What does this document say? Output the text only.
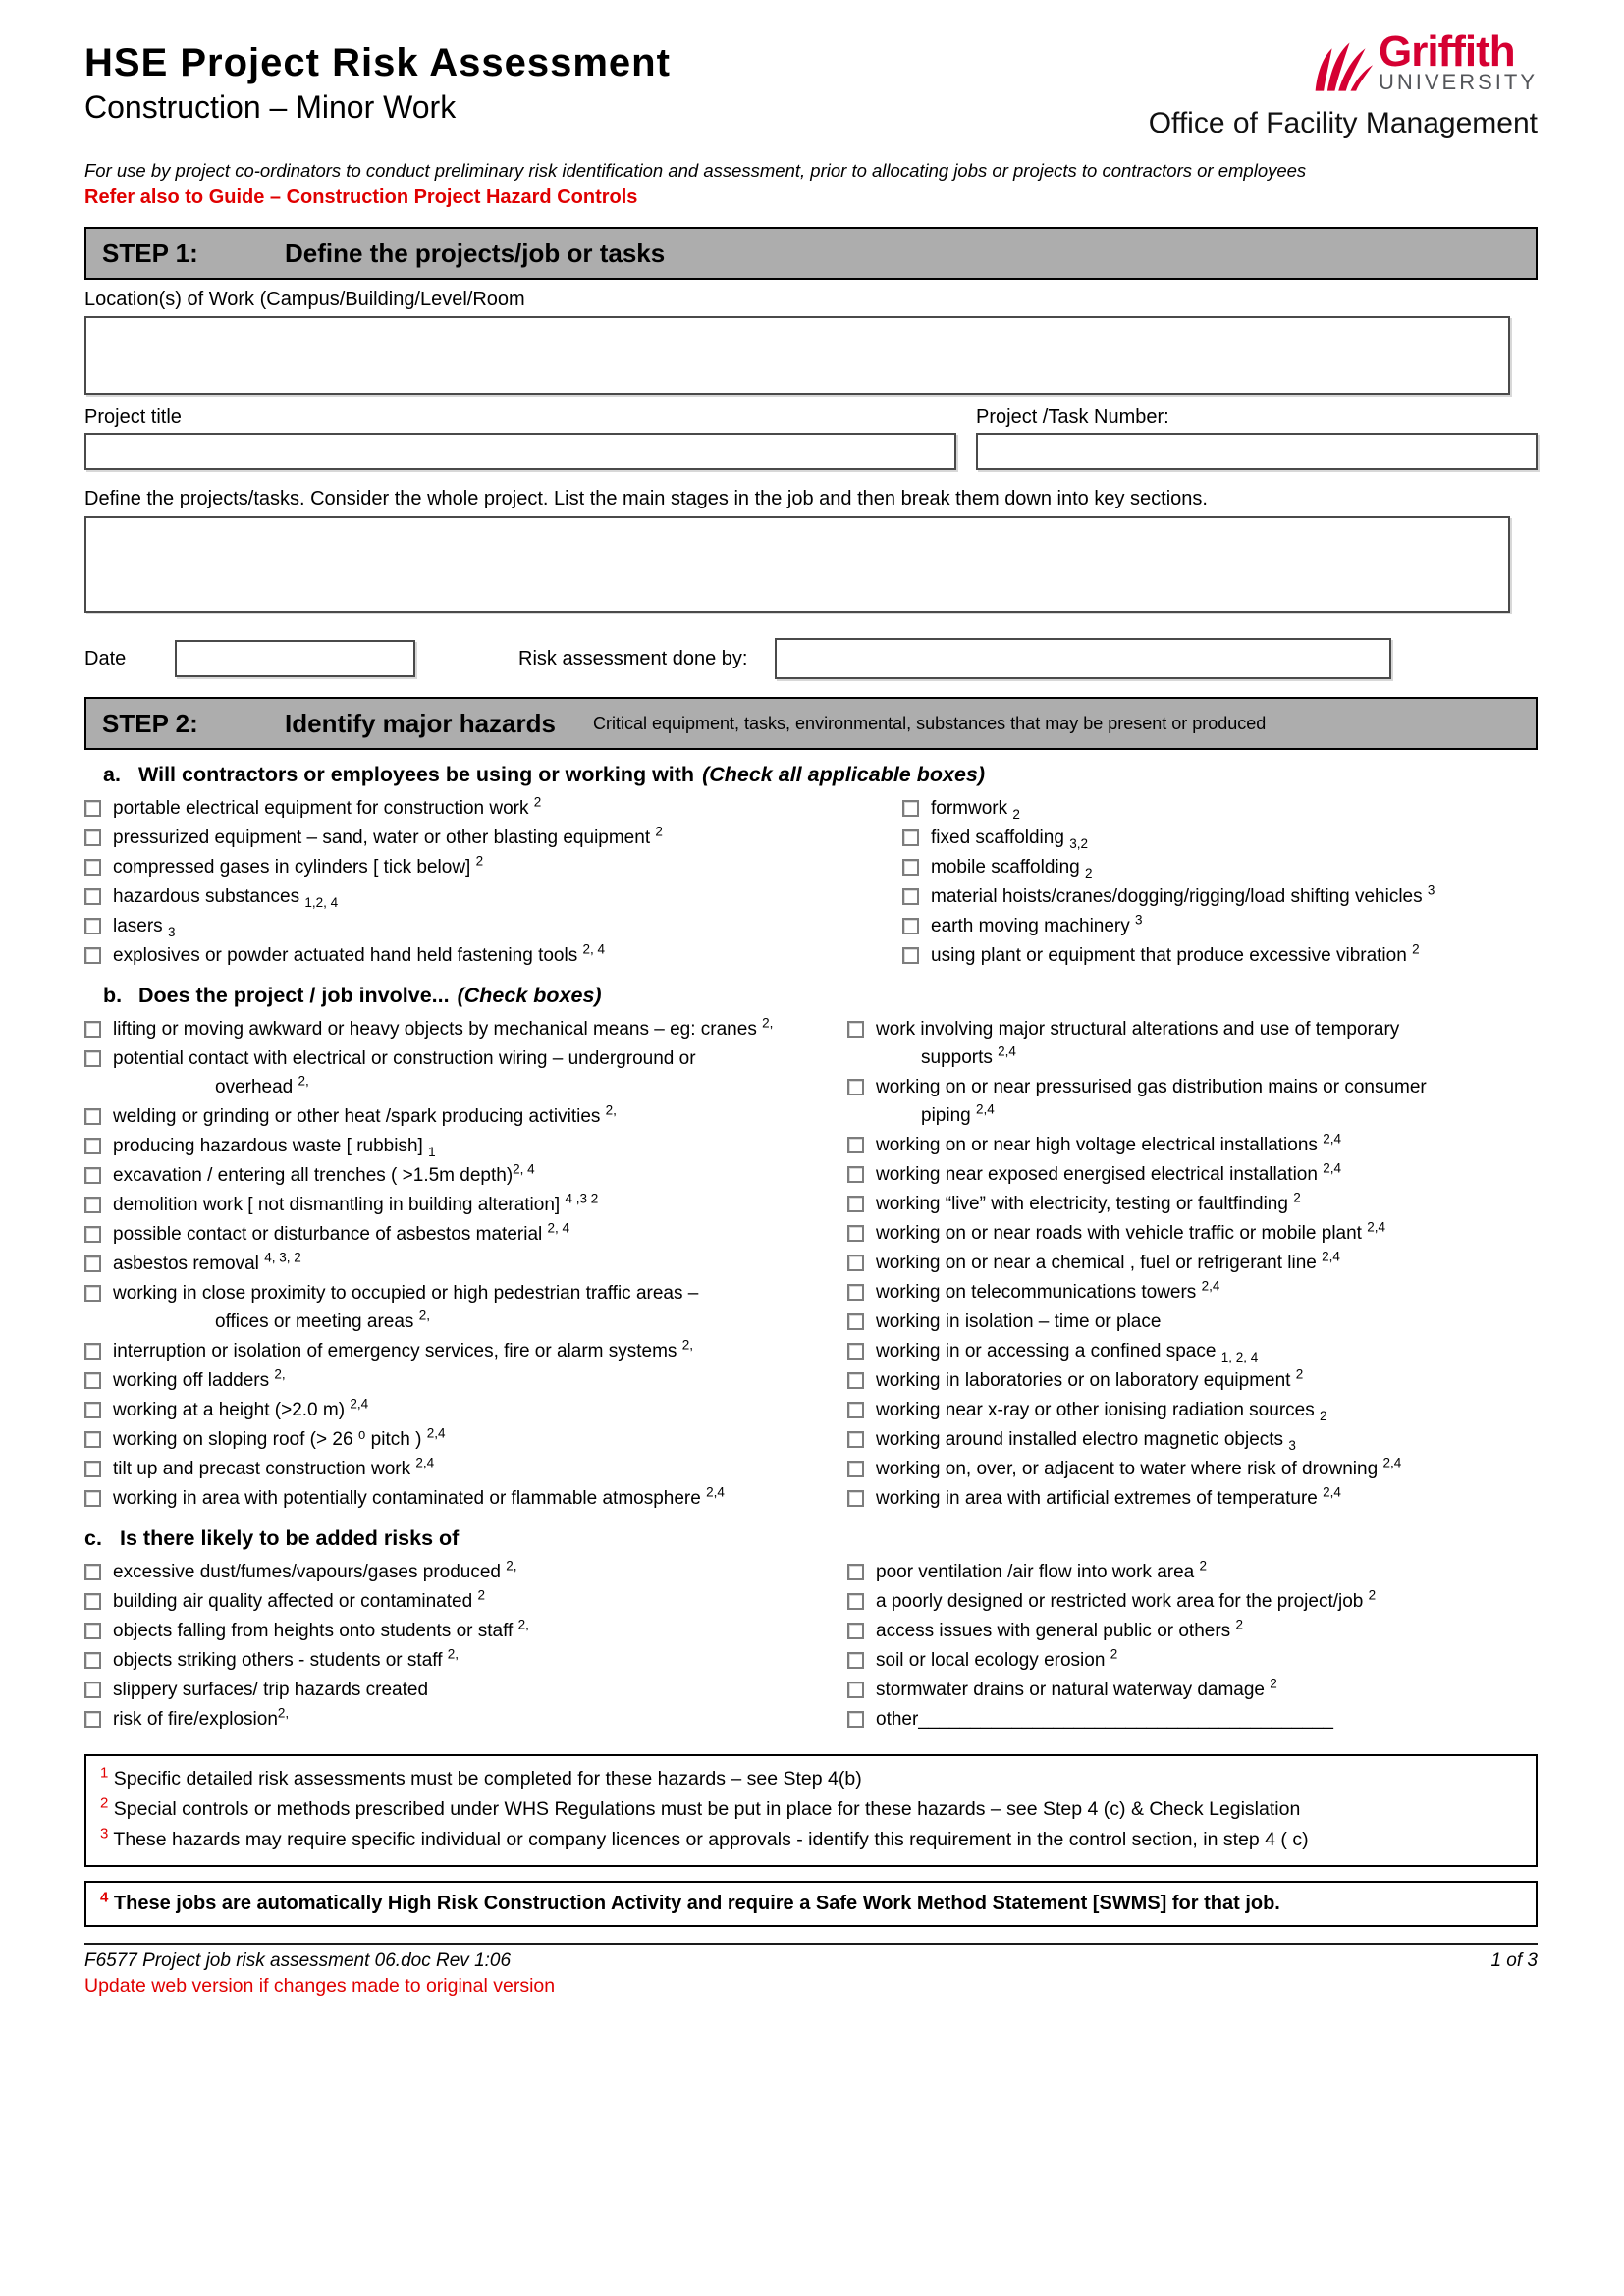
HSE Project Risk Assessment
Construction – Minor Work
Griffith
UNIVERSITY
Office of Facility Management
For use by project co-ordinators to conduct preliminary risk identification and assessment, prior to allocating jobs or projects to contractors or employees
Refer also to Guide – Construction Project Hazard Controls
STEP 1:	Define the projects/job or tasks
Location(s) of Work (Campus/Building/Level/Room
Project title	Project /Task Number:
Define the projects/tasks. Consider the whole project. List the main stages in the job and then break them down into key sections.
Date	Risk assessment done by:
STEP 2:	Identify major hazards Critical equipment, tasks, environmental, substances that may be present or produced
a. Will contractors or employees be using or working with (Check all applicable boxes)
portable electrical equipment for construction work $^2$
pressurized equipment – sand, water or other blasting equipment $^2$
compressed gases in cylinders [ tick below] $^2$
hazardous substances $_{1,2, 4}$
lasers $_3$
explosives or powder actuated hand held fastening tools $^{2, 4}$
formwork $_2$
fixed scaffolding $_{3,2}$
mobile scaffolding $_2$
material hoists/cranes/dogging/rigging/load shifting vehicles $^3$
earth moving machinery $^3$
using plant or equipment that produce excessive vibration $^2$
b. Does the project / job involve... (Check boxes)
lifting or moving awkward or heavy objects by mechanical means – eg: cranes $^{2,}$
potential contact with electrical or construction wiring – underground or
overhead $^{2,}$
welding or grinding or other heat /spark producing activities $^{2,}$
producing hazardous waste [ rubbish] $_1$
excavation / entering all trenches ( >1.5m depth)$^{2, 4}$
demolition work [ not dismantling in building alteration] $^{4 ,3 2}$
possible contact or disturbance of asbestos material $^{2, 4}$
asbestos removal $^{4, 3, 2}$
working in close proximity to occupied or high pedestrian traffic areas –
offices or meeting areas $^{2,}$
interruption or isolation of emergency services, fire or alarm systems $^{2,}$
working off ladders $^{2,}$
working at a height (>2.0 m) $^{2,4}$
working on sloping roof (> 26 ⁰ pitch ) $^{2,4}$
tilt up and precast construction work $^{2,4}$
working in area with potentially contaminated or flammable atmosphere $^{2,4}$
work involving major structural alterations and use of temporary
supports $^{2,4}$
working on or near pressurised gas distribution mains or consumer
piping $^{2,4}$
working on or near high voltage electrical installations $^{2,4}$
working near exposed energised electrical installation $^{2,4}$
working “live” with electricity, testing or faultfinding $^2$
working on or near roads with vehicle traffic or mobile plant $^{2,4}$
working on or near a chemical , fuel or refrigerant line $^{2,4}$
working on telecommunications towers $^{2,4}$
working in isolation – time or place
working in or accessing a confined space $_{1, 2, 4}$
working in laboratories or on laboratory equipment $^2$
working near x-ray or other ionising radiation sources $_2$
working around installed electro magnetic objects $_3$
working on, over, or adjacent to water where risk of drowning $^{2,4}$
working in area with artificial extremes of temperature $^{2,4}$
c. Is there likely to be added risks of
excessive dust/fumes/vapours/gases produced $^{2,}$
building air quality affected or contaminated $^2$
objects falling from heights onto students or staff $^{2,}$
objects striking others - students or staff $^{2,}$
slippery surfaces/ trip hazards created
risk of fire/explosion$^{2,}$
poor ventilation /air flow into work area $^2$
a poorly designed or restricted work area for the project/job $^2$
access issues with general public or others $^2$
soil or local ecology erosion $^2$
stormwater drains or natural waterway damage $^2$
other________________________________________
$^1$ Specific detailed risk assessments must be completed for these hazards – see Step 4(b)
$^2$ Special controls or methods prescribed under WHS Regulations must be put in place for these hazards – see Step 4 (c) & Check Legislation
$^3$ These hazards may require specific individual or company licences or approvals - identify this requirement in the control section, in step 4 ( c)
$^4$ These jobs are automatically High Risk Construction Activity and require a Safe Work Method Statement [SWMS] for that job.
F6577 Project job risk assessment 06.doc Rev 1:06	1 of 3
Update web version if changes made to original version
